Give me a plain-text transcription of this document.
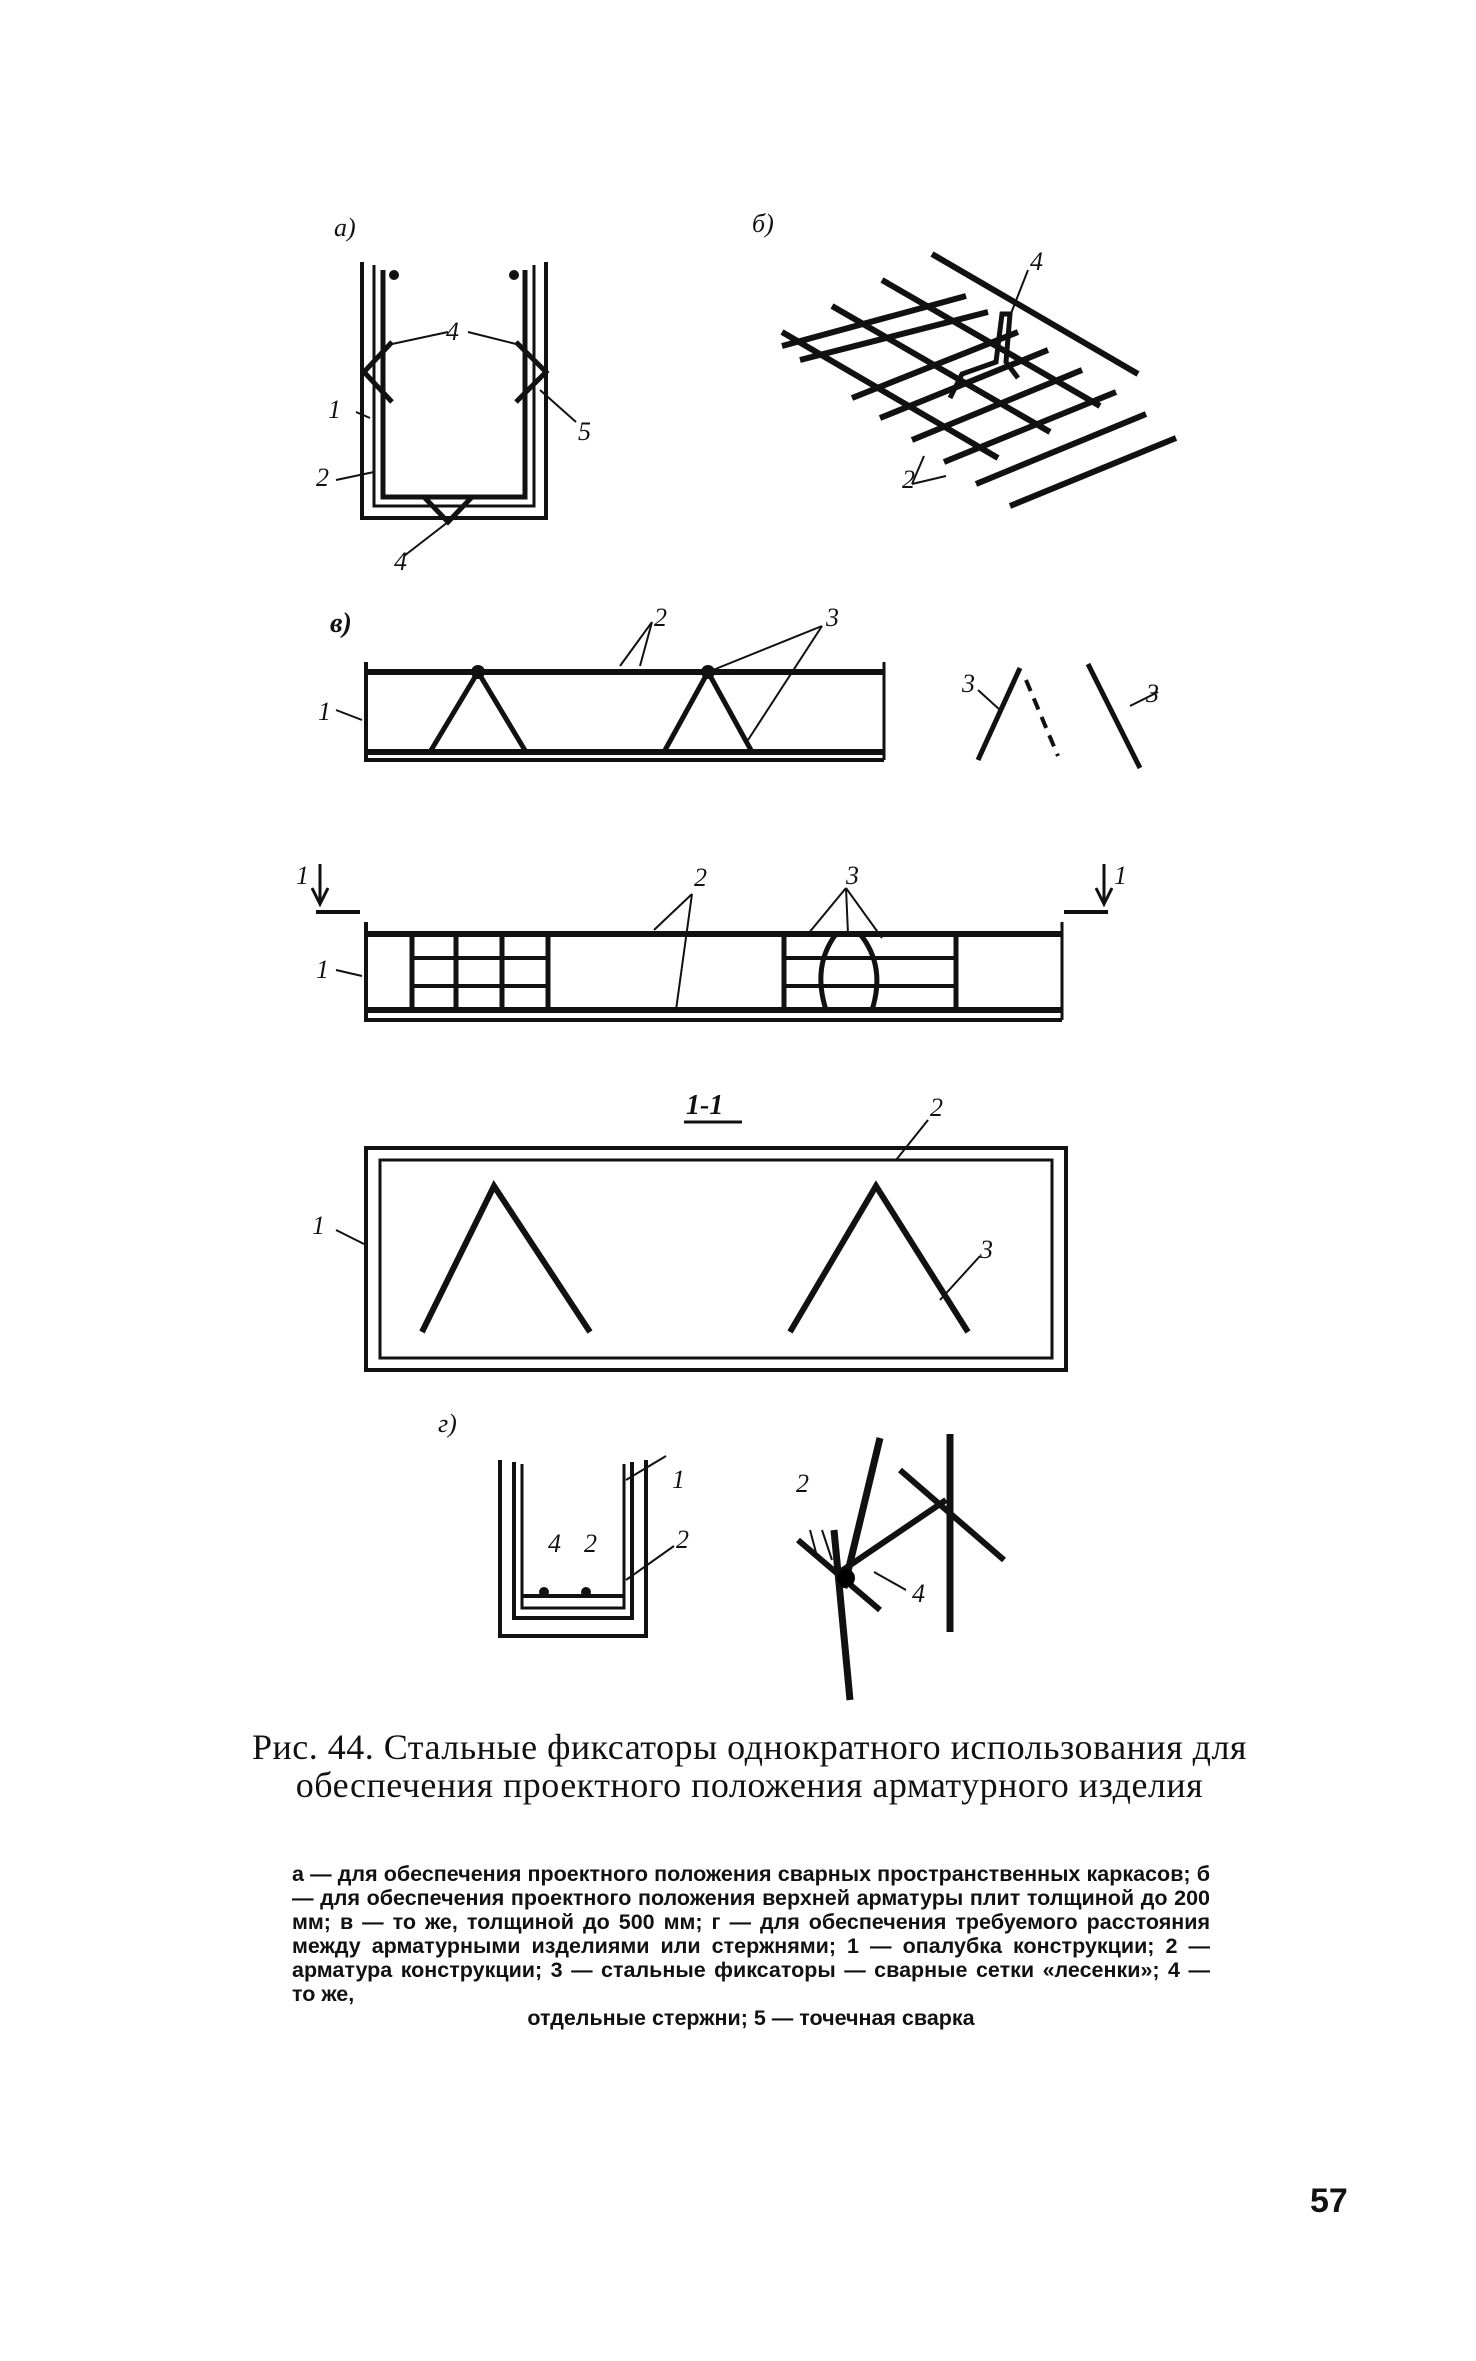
а)
4
1
2
5
4
б)
4
2
в)	2	3
1
3	3
1	1
2	3
1
1-1	2
3
1
г)
1
2
4 2
2
4
Рис. 44. Стальные фиксаторы однократного использования для обеспечения проектного положения арматурного изделия
а — для обеспечения проектного положения сварных пространственных каркасов; б — для обеспечения проектного положения верхней арматуры плит толщиной до 200 мм; в — то же, толщиной до 500 мм; г — для обеспечения требуемого расстояния между арматурными изделиями или стержнями; 1 — опалубка конструкции; 2 — арматура конструкции; 3 — стальные фиксаторы — сварные сетки «лесенки»; 4 — то же,
отдельные стержни; 5 — точечная сварка
57
